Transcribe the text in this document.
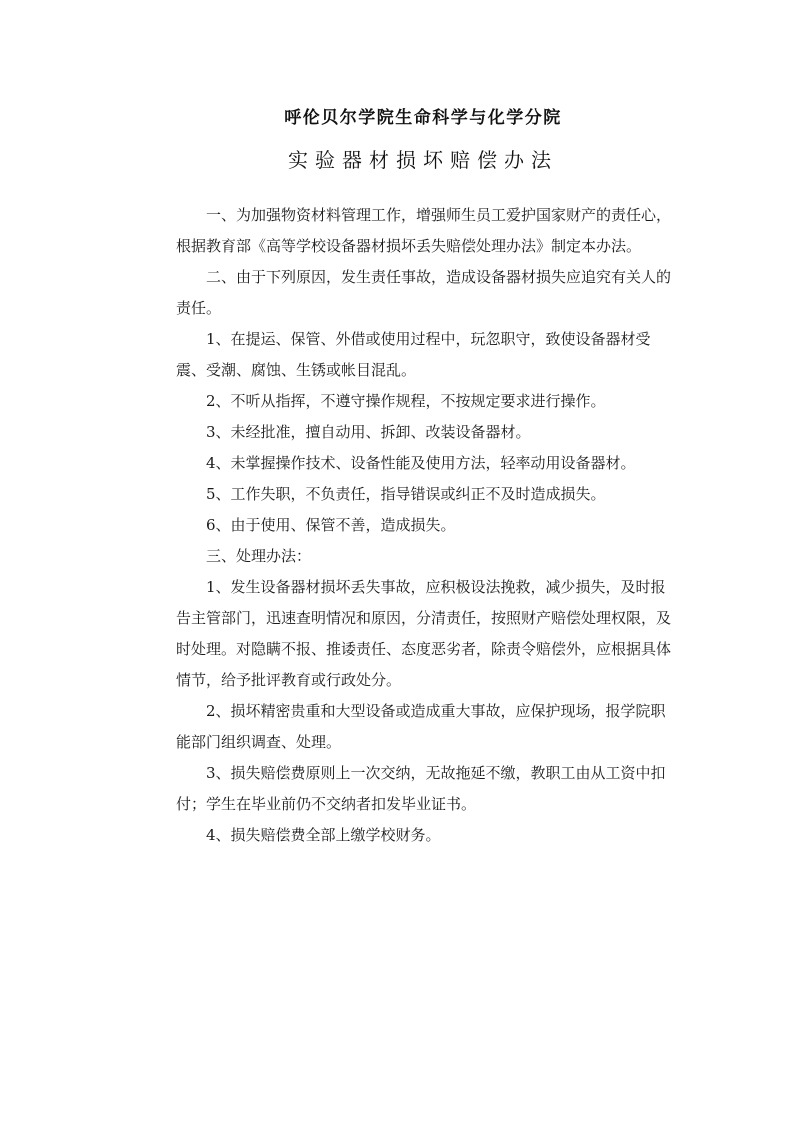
呼伦贝尔学院生命科学与化学分院
实验器材损坏赔偿办法

一、为加强物资材料管理工作，增强师生员工爱护国家财产的责任心，根据教育部《高等学校设备器材损坏丢失赔偿处理办法》制定本办法。

二、由于下列原因，发生责任事故，造成设备器材损失应追究有关人的责任。

1、在提运、保管、外借或使用过程中，玩忽职守，致使设备器材受震、受潮、腐蚀、生锈或帐目混乱。

2、不听从指挥，不遵守操作规程，不按规定要求进行操作。

3、未经批准，擅自动用、拆卸、改装设备器材。

4、未掌握操作技术、设备性能及使用方法，轻率动用设备器材。

5、工作失职，不负责任，指导错误或纠正不及时造成损失。

6、由于使用、保管不善，造成损失。

三、处理办法：

1、发生设备器材损坏丢失事故，应积极设法挽救，减少损失，及时报告主管部门，迅速查明情况和原因，分清责任，按照财产赔偿处理权限，及时处理。对隐瞒不报、推诿责任、态度恶劣者，除责令赔偿外，应根据具体情节，给予批评教育或行政处分。

2、损坏精密贵重和大型设备或造成重大事故，应保护现场，报学院职能部门组织调查、处理。

3、损失赔偿费原则上一次交纳，无故拖延不缴，教职工由从工资中扣付；学生在毕业前仍不交纳者扣发毕业证书。

4、损失赔偿费全部上缴学校财务。
